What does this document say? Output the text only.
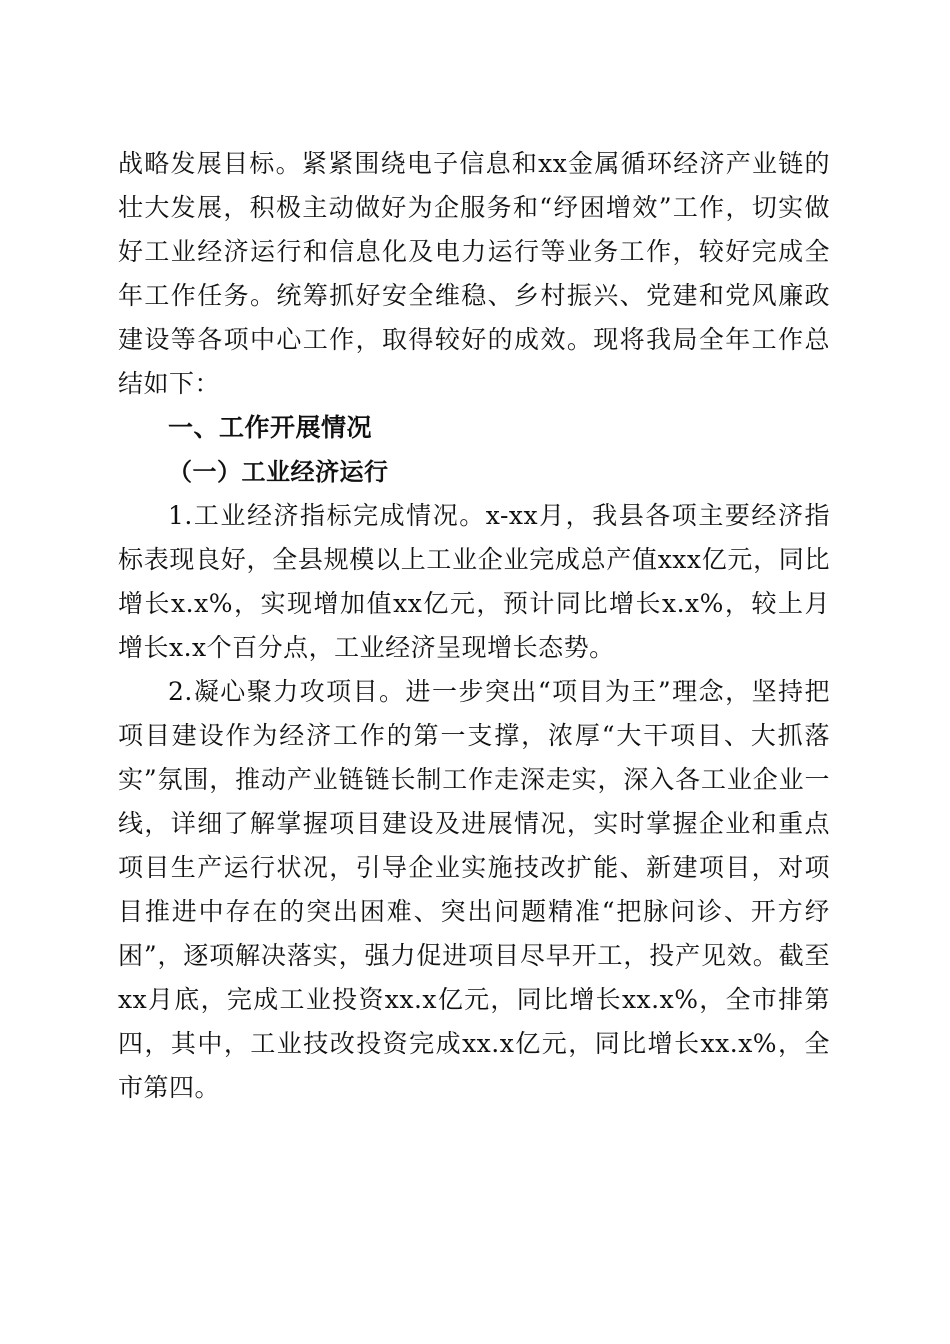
战略发展目标。紧紧围绕电子信息和xx金属循环经济产业链的壮大发展，积极主动做好为企服务和“纾困增效”工作，切实做好工业经济运行和信息化及电力运行等业务工作，较好完成全年工作任务。统筹抓好安全维稳、乡村振兴、党建和党风廉政建设等各项中心工作，取得较好的成效。现将我局全年工作总结如下：

一、工作开展情况
（一）工业经济运行

1.工业经济指标完成情况。x-xx月，我县各项主要经济指标表现良好，全县规模以上工业企业完成总产值xxx亿元，同比增长x.x%，实现增加值xx亿元，预计同比增长x.x%，较上月增长x.x个百分点，工业经济呈现增长态势。

2.凝心聚力攻项目。进一步突出“项目为王”理念，坚持把项目建设作为经济工作的第一支撑，浓厚“大干项目、大抓落实”氛围，推动产业链链长制工作走深走实，深入各工业企业一线，详细了解掌握项目建设及进展情况，实时掌握企业和重点项目生产运行状况，引导企业实施技改扩能、新建项目，对项目推进中存在的突出困难、突出问题精准“把脉问诊、开方纾困”，逐项解决落实，强力促进项目尽早开工，投产见效。截至xx月底，完成工业投资xx.x亿元，同比增长xx.x%，全市排第四，其中，工业技改投资完成xx.x亿元，同比增长xx.x%，全市第四。
